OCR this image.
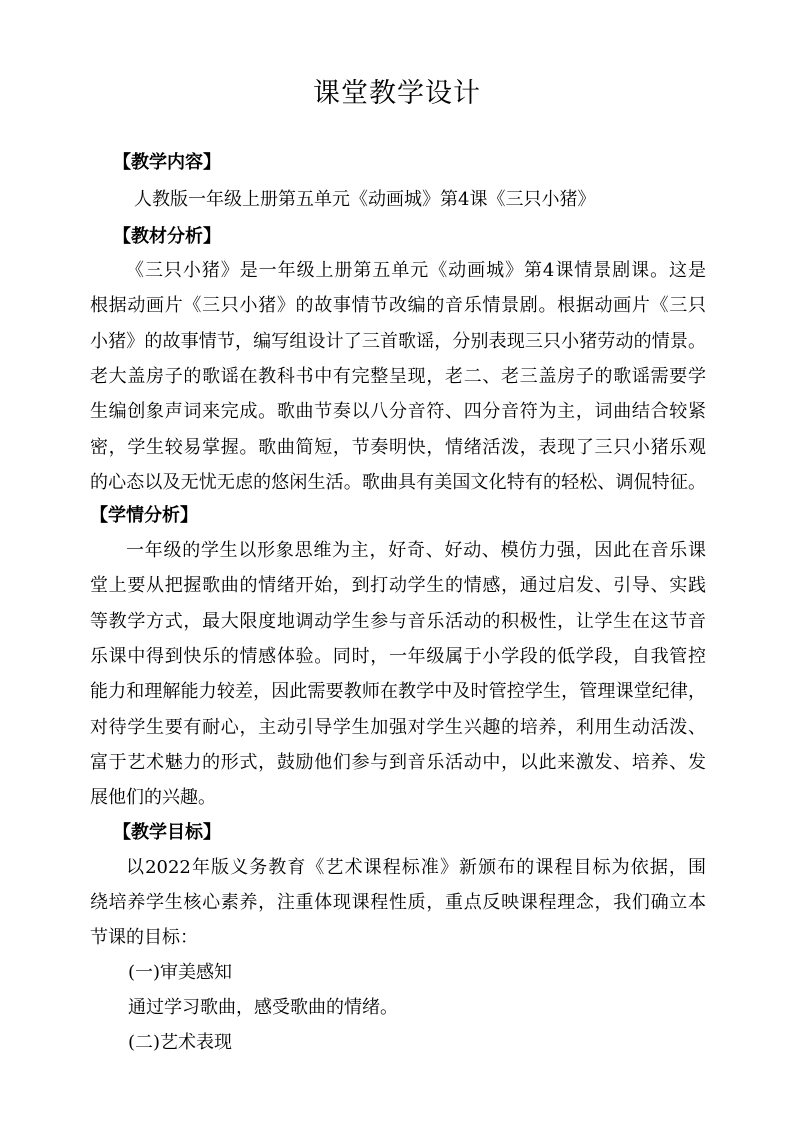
课堂教学设计
【教学内容】
人教版一年级上册第五单元《动画城》第4课《三只小猪》
【教材分析】
《三只小猪》是一年级上册第五单元《动画城》第4课情景剧课。这是
根据动画片《三只小猪》的故事情节改编的音乐情景剧。根据动画片《三只
小猪》的故事情节，编写组设计了三首歌谣，分别表现三只小猪劳动的情景。
老大盖房子的歌谣在教科书中有完整呈现，老二、老三盖房子的歌谣需要学
生编创象声词来完成。歌曲节奏以八分音符、四分音符为主，词曲结合较紧
密，学生较易掌握。歌曲简短，节奏明快，情绪活泼，表现了三只小猪乐观
的心态以及无忧无虑的悠闲生活。歌曲具有美国文化特有的轻松、调侃特征。
【学情分析】
一年级的学生以形象思维为主，好奇、好动、模仿力强，因此在音乐课
堂上要从把握歌曲的情绪开始，到打动学生的情感，通过启发、引导、实践
等教学方式，最大限度地调动学生参与音乐活动的积极性，让学生在这节音
乐课中得到快乐的情感体验。同时，一年级属于小学段的低学段，自我管控
能力和理解能力较差，因此需要教师在教学中及时管控学生，管理课堂纪律，
对待学生要有耐心，主动引导学生加强对学生兴趣的培养，利用生动活泼、
富于艺术魅力的形式，鼓励他们参与到音乐活动中，以此来激发、培养、发
展他们的兴趣。
【教学目标】
以2022年版义务教育《艺术课程标准》新颁布的课程目标为依据，围
绕培养学生核心素养，注重体现课程性质，重点反映课程理念，我们确立本
节课的目标：
(一)审美感知
通过学习歌曲，感受歌曲的情绪。
(二)艺术表现
